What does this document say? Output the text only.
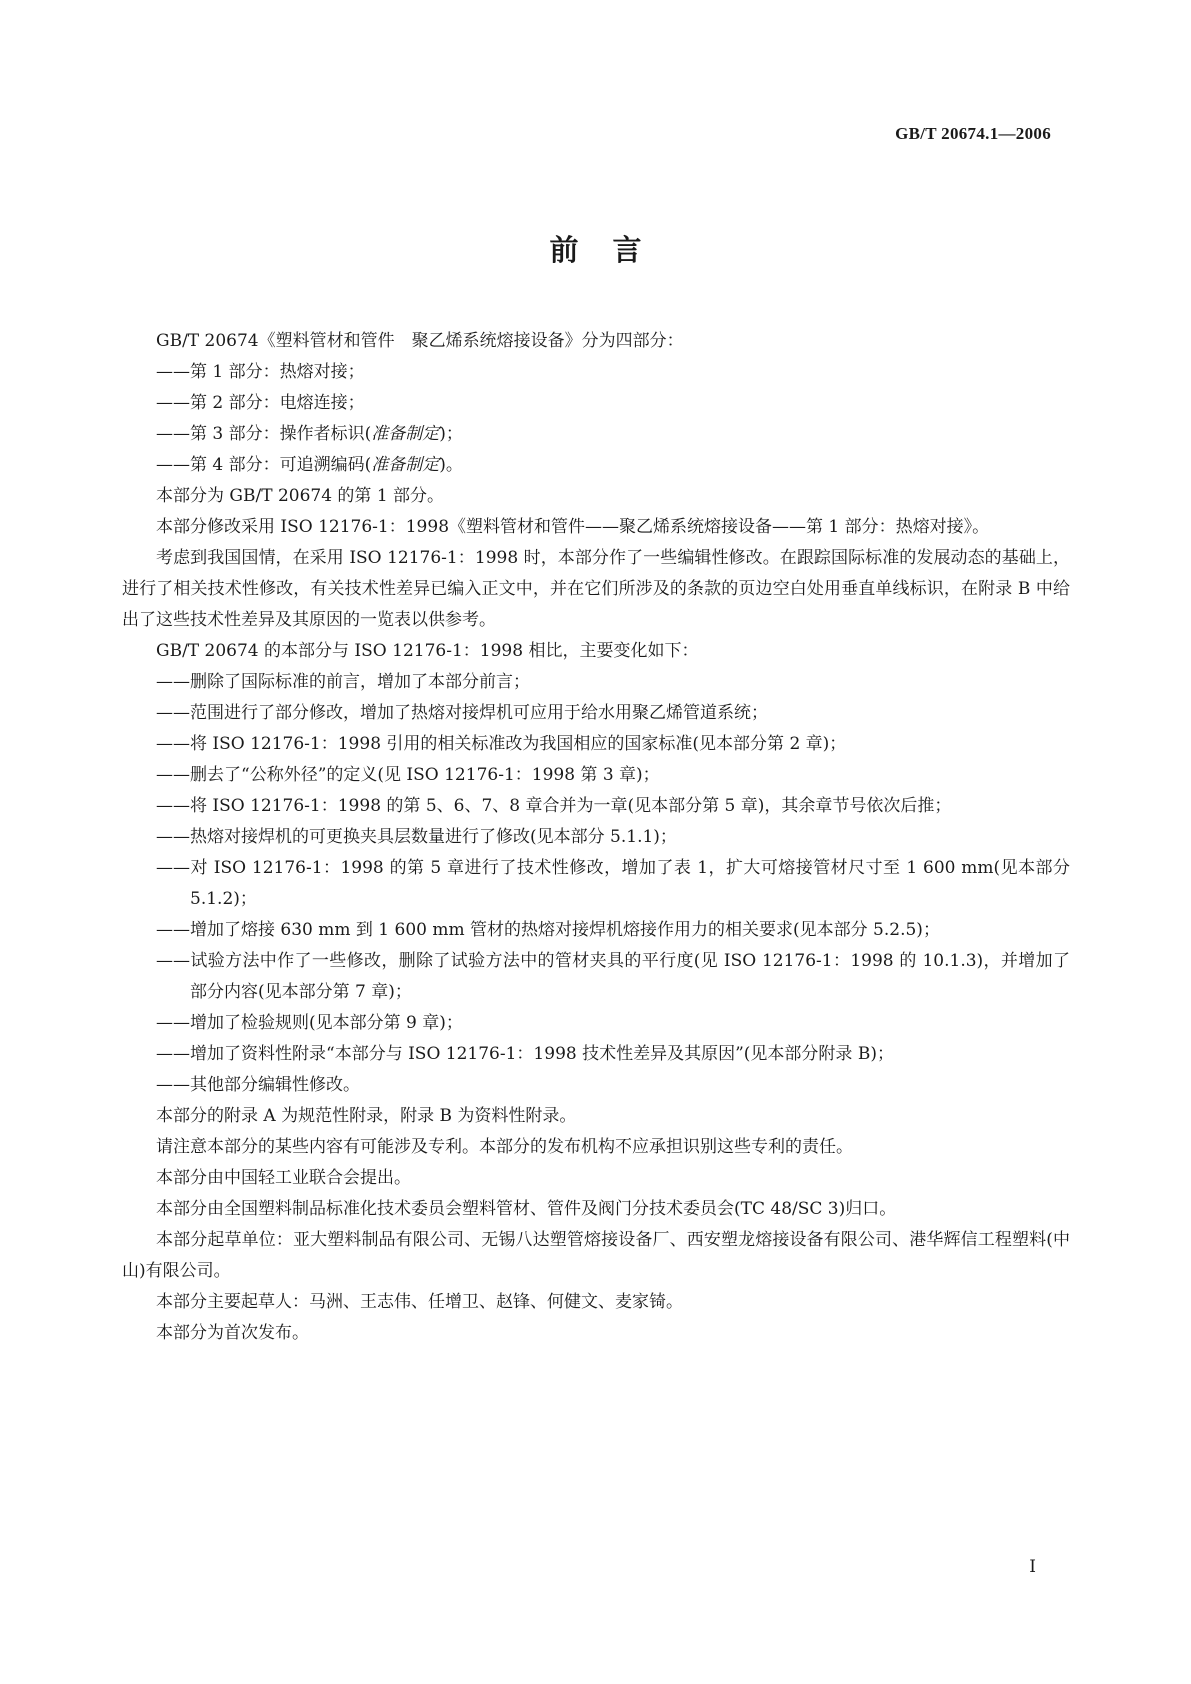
GB/T 20674.1—2006
前言

GB/T 20674《塑料管材和管件　聚乙烯系统熔接设备》分为四部分：

——第 1 部分：热熔对接；

——第 2 部分：电熔连接；

——第 3 部分：操作者标识(准备制定)；

——第 4 部分：可追溯编码(准备制定)。

本部分为 GB/T 20674 的第 1 部分。

本部分修改采用 ISO 12176-1：1998《塑料管材和管件——聚乙烯系统熔接设备——第 1 部分：热熔对接》。

考虑到我国国情，在采用 ISO 12176-1：1998 时，本部分作了一些编辑性修改。在跟踪国际标准的发展动态的基础上，进行了相关技术性修改，有关技术性差异已编入正文中，并在它们所涉及的条款的页边空白处用垂直单线标识，在附录 B 中给出了这些技术性差异及其原因的一览表以供参考。

GB/T 20674 的本部分与 ISO 12176-1：1998 相比，主要变化如下：

——删除了国际标准的前言，增加了本部分前言；

——范围进行了部分修改，增加了热熔对接焊机可应用于给水用聚乙烯管道系统；

——将 ISO 12176-1：1998 引用的相关标准改为我国相应的国家标准(见本部分第 2 章)；

——删去了“公称外径”的定义(见 ISO 12176-1：1998 第 3 章)；

——将 ISO 12176-1：1998 的第 5、6、7、8 章合并为一章(见本部分第 5 章)，其余章节号依次后推；

——热熔对接焊机的可更换夹具层数量进行了修改(见本部分 5.1.1)；

——对 ISO 12176-1：1998 的第 5 章进行了技术性修改，增加了表 1，扩大可熔接管材尺寸至 1 600 mm(见本部分 5.1.2)；

——增加了熔接 630 mm 到 1 600 mm 管材的热熔对接焊机熔接作用力的相关要求(见本部分 5.2.5)；

——试验方法中作了一些修改，删除了试验方法中的管材夹具的平行度(见 ISO 12176-1：1998 的 10.1.3)，并增加了部分内容(见本部分第 7 章)；

——增加了检验规则(见本部分第 9 章)；

——增加了资料性附录“本部分与 ISO 12176-1：1998 技术性差异及其原因”(见本部分附录 B)；

——其他部分编辑性修改。

本部分的附录 A 为规范性附录，附录 B 为资料性附录。

请注意本部分的某些内容有可能涉及专利。本部分的发布机构不应承担识别这些专利的责任。

本部分由中国轻工业联合会提出。

本部分由全国塑料制品标准化技术委员会塑料管材、管件及阀门分技术委员会(TC 48/SC 3)归口。

本部分起草单位：亚大塑料制品有限公司、无锡八达塑管熔接设备厂、西安塑龙熔接设备有限公司、港华辉信工程塑料(中山)有限公司。

本部分主要起草人：马洲、王志伟、任增卫、赵锋、何健文、麦家锜。

本部分为首次发布。

I
